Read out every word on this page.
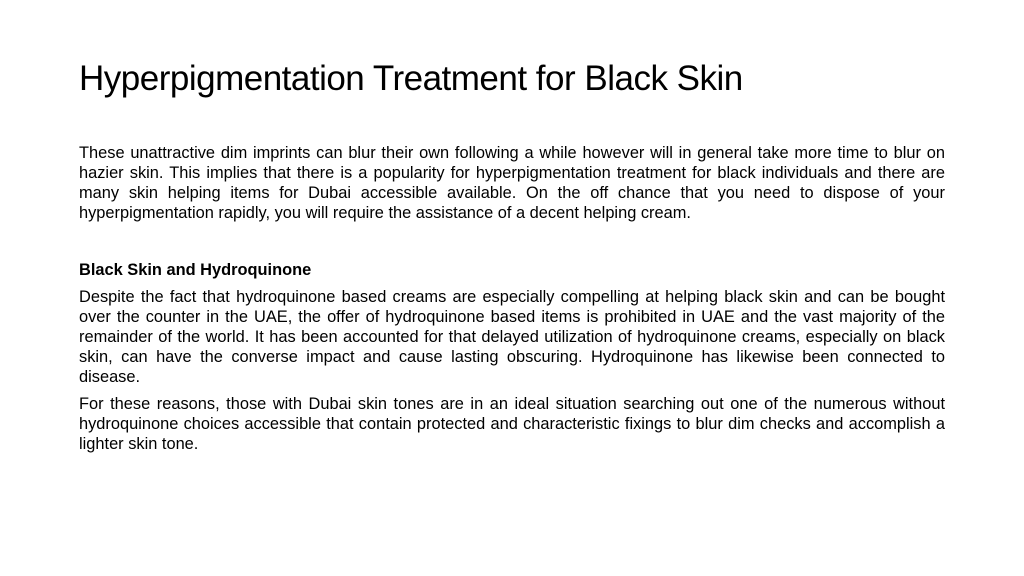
Hyperpigmentation Treatment for Black Skin

These unattractive dim imprints can blur their own following a while however will in general take more time to blur on hazier skin. This implies that there is a popularity for hyperpigmentation treatment for black individuals and there are many skin helping items for Dubai accessible available. On the off chance that you need to dispose of your hyperpigmentation rapidly, you will require the assistance of a decent helping cream.

Black Skin and Hydroquinone

Despite the fact that hydroquinone based creams are especially compelling at helping black skin and can be bought over the counter in the UAE, the offer of hydroquinone based items is prohibited in UAE and the vast majority of the remainder of the world. It has been accounted for that delayed utilization of hydroquinone creams, especially on black skin, can have the converse impact and cause lasting obscuring. Hydroquinone has likewise been connected to disease.

For these reasons, those with Dubai skin tones are in an ideal situation searching out one of the numerous without hydroquinone choices accessible that contain protected and characteristic fixings to blur dim checks and accomplish a lighter skin tone.
